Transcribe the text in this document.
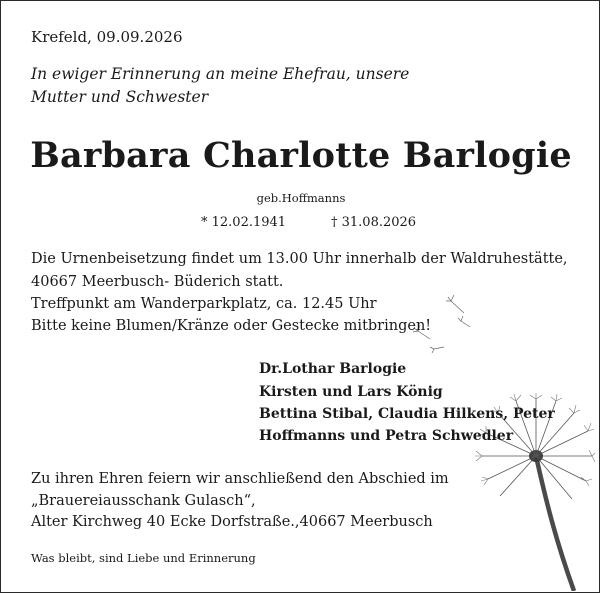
Krefeld, 09.09.2026
In ewiger Erinnerung an meine Ehefrau, unsere
Mutter und Schwester
Barbara Charlotte Barlogie
geb.Hoffmanns
* 12.02.1941	† 31.08.2026
Die Urnenbeisetzung findet um 13.00 Uhr innerhalb der Waldruhestätte,
40667 Meerbusch- Büderich statt.
Treffpunkt am Wanderparkplatz, ca. 12.45 Uhr
Bitte keine Blumen/Kränze oder Gestecke mitbringen!
Dr.Lothar Barlogie
Kirsten und Lars König
Bettina Stibal, Claudia Hilkens, Peter
Hoffmanns und Petra Schwedler
Zu ihren Ehren feiern wir anschließend den Abschied im
„Brauereiausschank Gulasch“,
Alter Kirchweg 40 Ecke Dorfstraße.,40667 Meerbusch
Was bleibt, sind Liebe und Erinnerung
